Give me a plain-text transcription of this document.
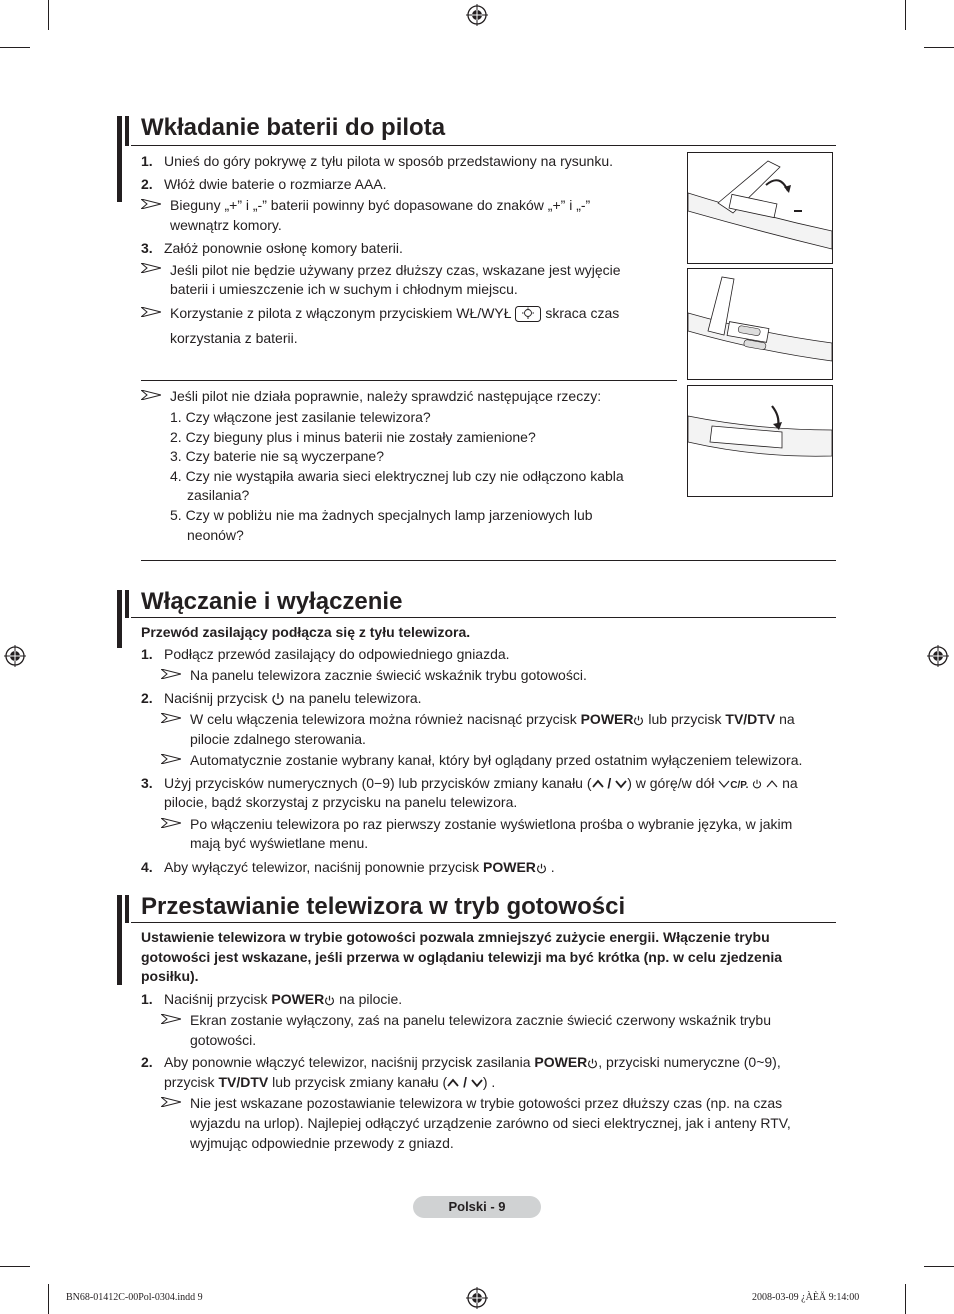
Wkładanie baterii do pilota
1. Unieś do góry pokrywę z tyłu pilota w sposób przedstawiony na rysunku.
2. Włóż dwie baterie o rozmiarze AAA.
Bieguny „+” i „-” baterii powinny być dopasowane do znaków „+” i „-”
wewnątrz komory.
3. Załóż ponownie osłonę komory baterii.
Jeśli pilot nie będzie używany przez dłuższy czas, wskazane jest wyjęcie
baterii i umieszczenie ich w suchym i chłodnym miejscu.
Korzystanie z pilota z włączonym przyciskiem WŁ/WYŁ skraca czas
korzystania z baterii.
Jeśli pilot nie działa poprawnie, należy sprawdzić następujące rzeczy:
1. Czy włączone jest zasilanie telewizora?
2. Czy bieguny plus i minus baterii nie zostały zamienione?
3. Czy baterie nie są wyczerpane?
4. Czy nie wystąpiła awaria sieci elektrycznej lub czy nie odłączono kabla
zasilania?
5. Czy w pobliżu nie ma żadnych specjalnych lamp jarzeniowych lub
neonów?
Włączanie i wyłączenie
Przewód zasilający podłącza się z tyłu telewizora.
1. Podłącz przewód zasilający do odpowiedniego gniazda.
Na panelu telewizora zacznie świecić wskaźnik trybu gotowości.
2. Naciśnij przycisk na panelu telewizora.
W celu włączenia telewizora można również nacisnąć przycisk POWER lub przycisk TV/DTV na
pilocie zdalnego sterowania.
Automatycznie zostanie wybrany kanał, który był oglądany przed ostatnim wyłączeniem telewizora.
3. Użyj przycisków numerycznych (0−9) lub przycisków zmiany kanału ( / ) w górę/w dół C/P. na
pilocie, bądź skorzystaj z przycisku na panelu telewizora.
Po włączeniu telewizora po raz pierwszy zostanie wyświetlona prośba o wybranie języka, w jakim
mają być wyświetlane menu.
4. Aby wyłączyć telewizor, naciśnij ponownie przycisk POWER .
Przestawianie telewizora w tryb gotowości
Ustawienie telewizora w trybie gotowości pozwala zmniejszyć zużycie energii. Włączenie trybu
gotowości jest wskazane, jeśli przerwa w oglądaniu telewizji ma być krótka (np. w celu zjedzenia
posiłku).
1. Naciśnij przycisk POWER na pilocie.
Ekran zostanie wyłączony, zaś na panelu telewizora zacznie świecić czerwony wskaźnik trybu
gotowości.
2. Aby ponownie włączyć telewizor, naciśnij przycisk zasilania POWER , przyciski numeryczne (0~9),
przycisk TV/DTV lub przycisk zmiany kanału ( / ) .
Nie jest wskazane pozostawianie telewizora w trybie gotowości przez dłuższy czas (np. na czas
wyjazdu na urlop). Najlepiej odłączyć urządzenie zarówno od sieci elektrycznej, jak i anteny RTV,
wyjmując odpowiednie przewody z gniazd.
Polski - 9
BN68-01412C-00Pol-0304.indd 9	2008-03-09 ¿ÀÈÄ 9:14:00
